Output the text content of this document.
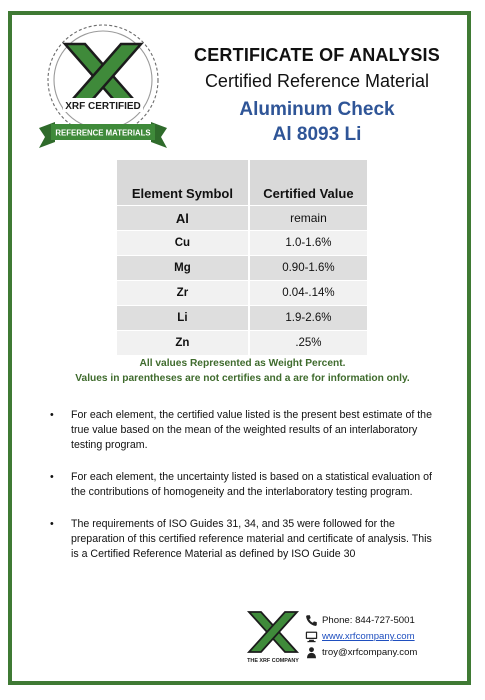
REFERENCE MATERIALS
XRF CERTIFIED
CERTIFICATE OF ANALYSIS
Certified Reference Material
Aluminum Check
Al 8093 Li
Element Symbol	Certified Value
Al	remain
Cu	1.0-1.6%
Mg	0.90-1.6%
Zr	0.04-.14%
Li	1.9-2.6%
Zn	.25%
All values Represented as Weight Percent.
Values in parentheses are not certifies and a are for information only.
• For each element, the certified value listed is the present best estimate of the true value based on the mean of the weighted results of an interlaboratory testing program.
• For each element, the uncertainty listed is based on a statistical evaluation of the contributions of homogeneity and the interlaboratory testing program.
• The requirements of ISO Guides 31, 34, and 35 were followed for the preparation of this certified reference material and certificate of analysis. This is a Certified Reference Material as defined by ISO Guide 30
THE XRF COMPANY
Phone: 844-727-5001
www.xrfcompany.com
troy@xrfcompany.com
